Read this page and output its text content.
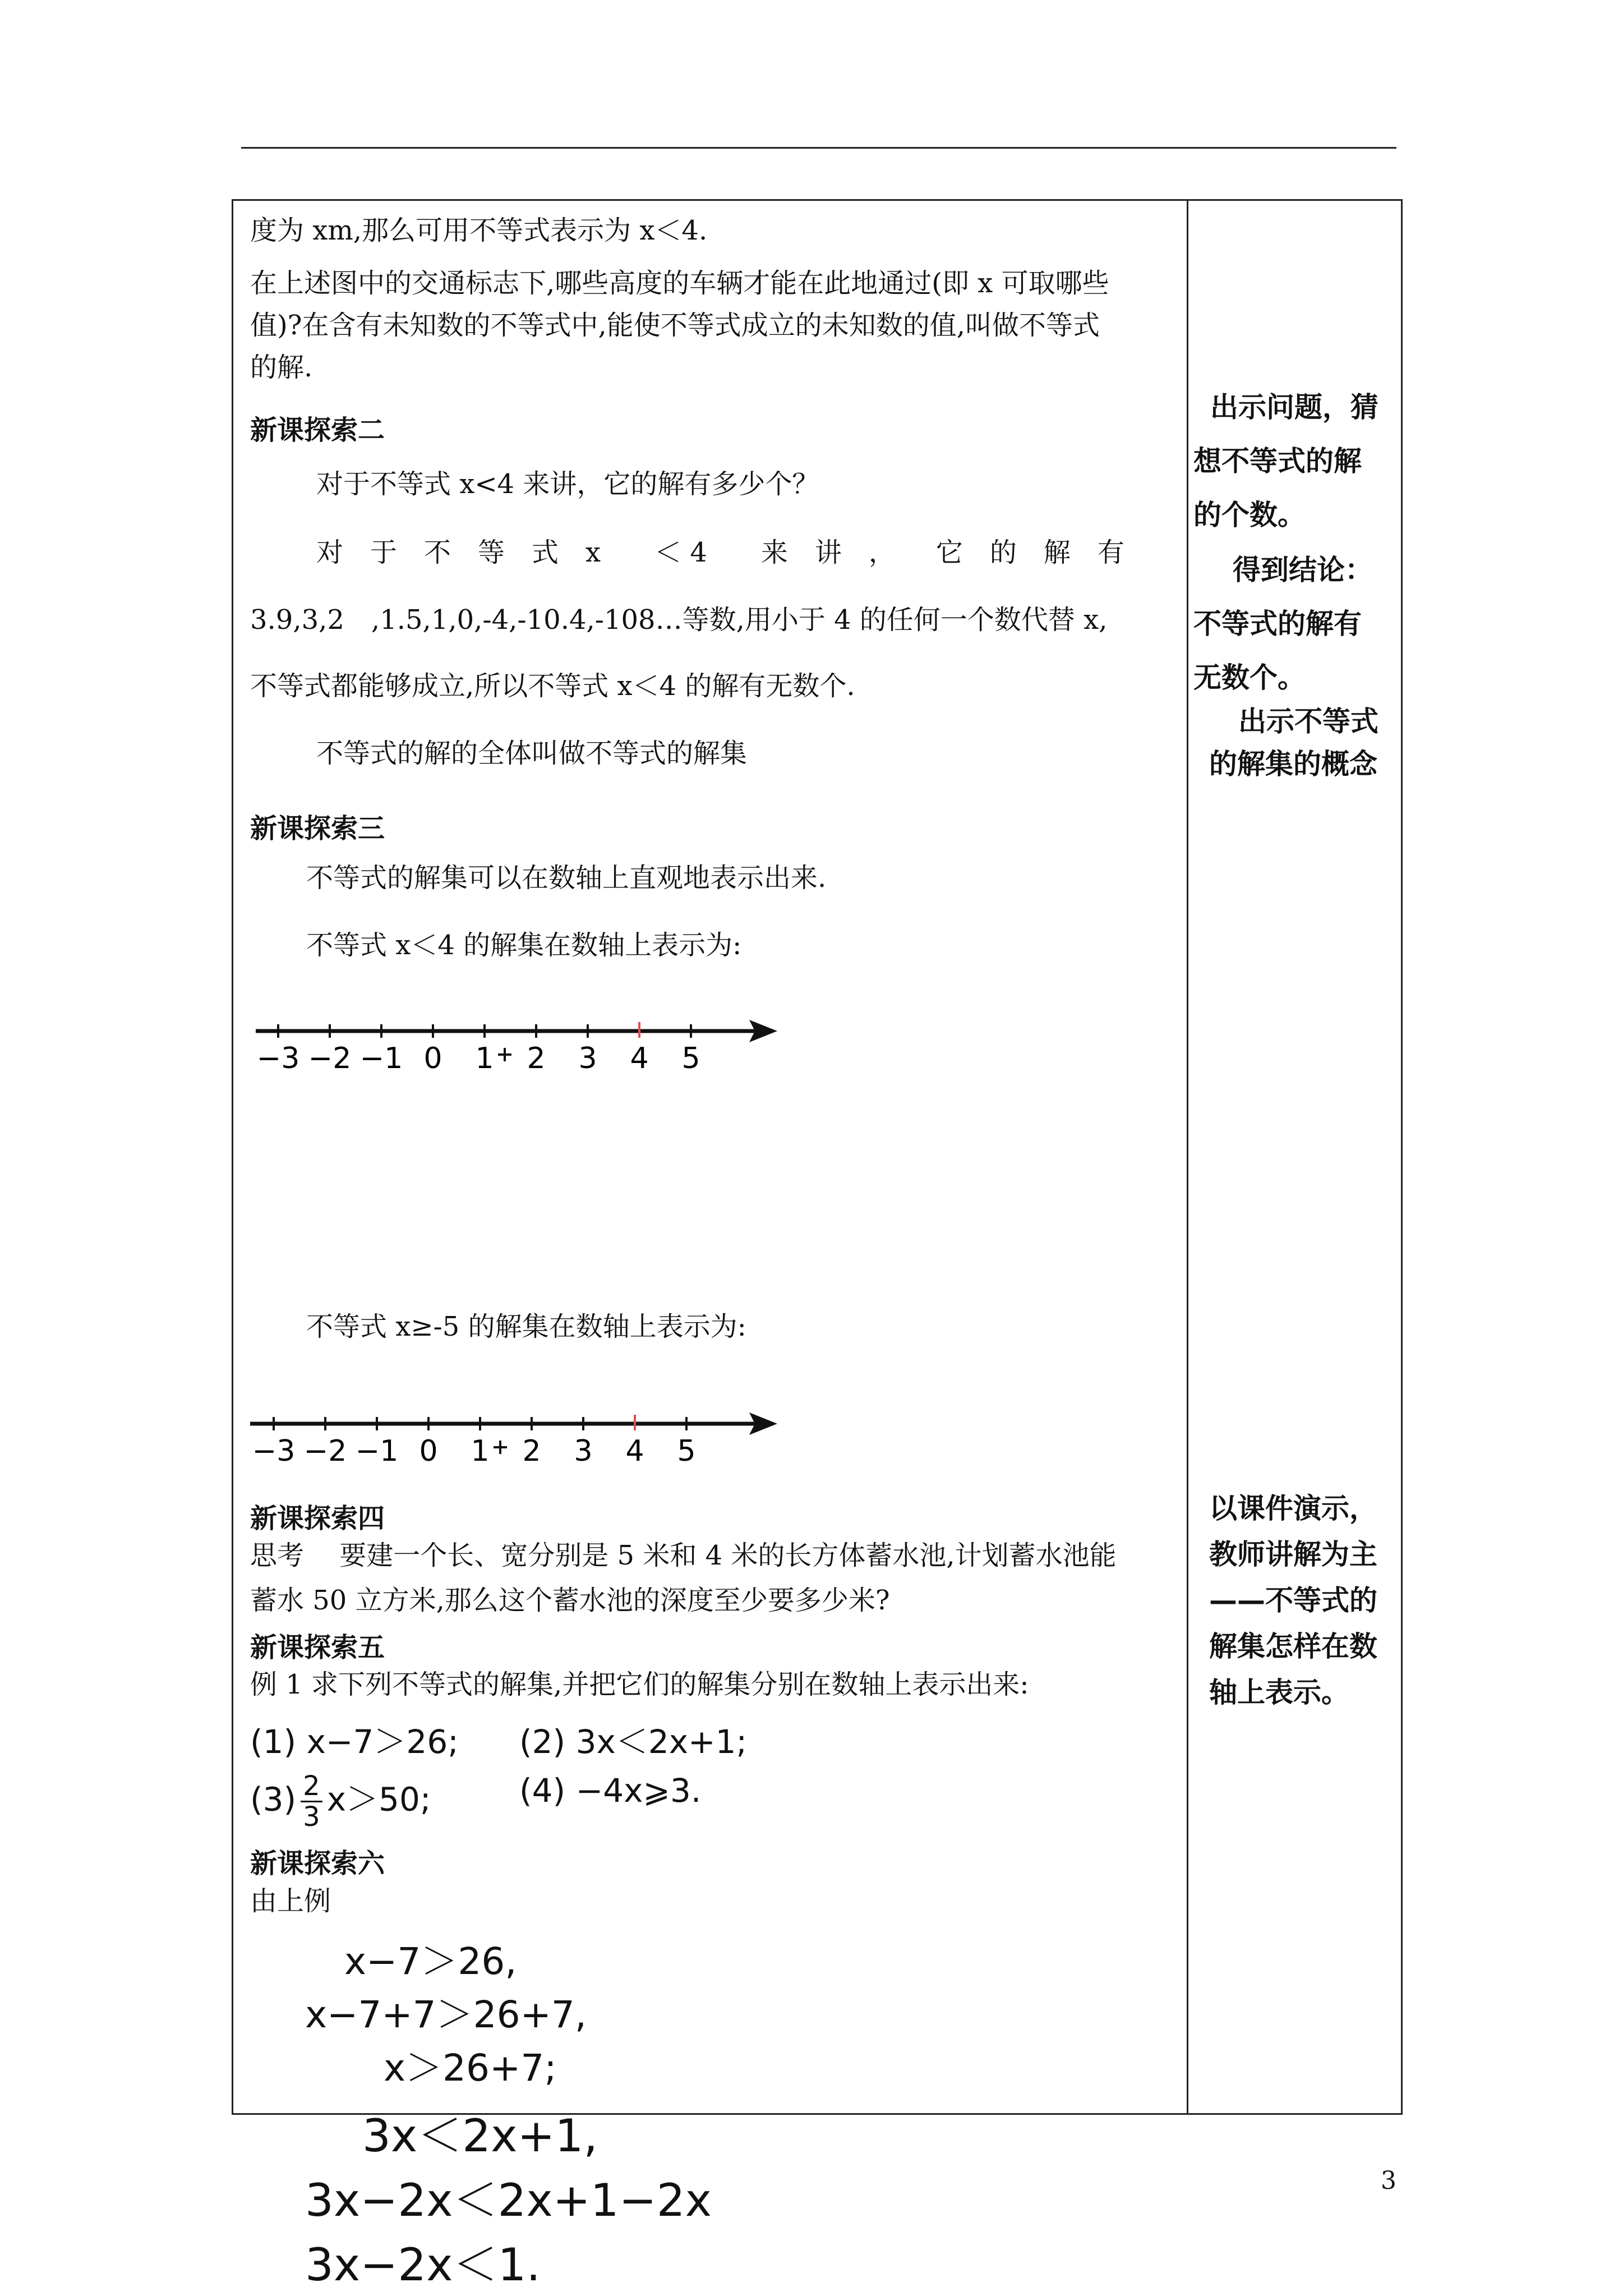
度为 xm,那么可用不等式表示为 x＜4.
在上述图中的交通标志下,哪些高度的车辆才能在此地通过(即 x 可取哪些
值)?在含有未知数的不等式中,能使不等式成立的未知数的值,叫做不等式
的解.
新课探索二
对于不等式 x<4 来讲，它的解有多少个？
对　于　不　等　式　x　　＜ 4　　来　讲　，　　它　的　解　有
3.9,3,2　,1.5,1,0,-4,-10.4,-108…等数,用小于 4 的任何一个数代替 x,
不等式都能够成立,所以不等式 x＜4 的解有无数个.
不等式的解的全体叫做不等式的解集
新课探索三
不等式的解集可以在数轴上直观地表示出来.
不等式 x＜4 的解集在数轴上表示为:
−3 −2 −1 0 1 2 3 4 5
不等式 x≥-5 的解集在数轴上表示为:
−3 −2 −1 0 1 2 3 4 5
新课探索四
思考　 要建一个长、宽分别是 5 米和 4 米的长方体蓄水池,计划蓄水池能
蓄水 50 立方米,那么这个蓄水池的深度至少要多少米?
新课探索五
例 1 求下列不等式的解集,并把它们的解集分别在数轴上表示出来:
(1) x−7＞26; (2) 3x＜2x+1;
$(3) \frac{2}{3} x>50$;	(4) −4x⩾3.
新课探索六
由上例
x−7＞26,
x−7+7＞26+7,
x＞26+7;
3x＜2x+1,
3x−2x＜2x+1−2x
3x−2x＜1.
出示问题，猜
想不等式的解
的个数。
得到结论：
不等式的解有
无数个。
出示不等式
的解集的概念
以课件演示，
教师讲解为主
——不等式的
解集怎样在数
轴上表示。
3
